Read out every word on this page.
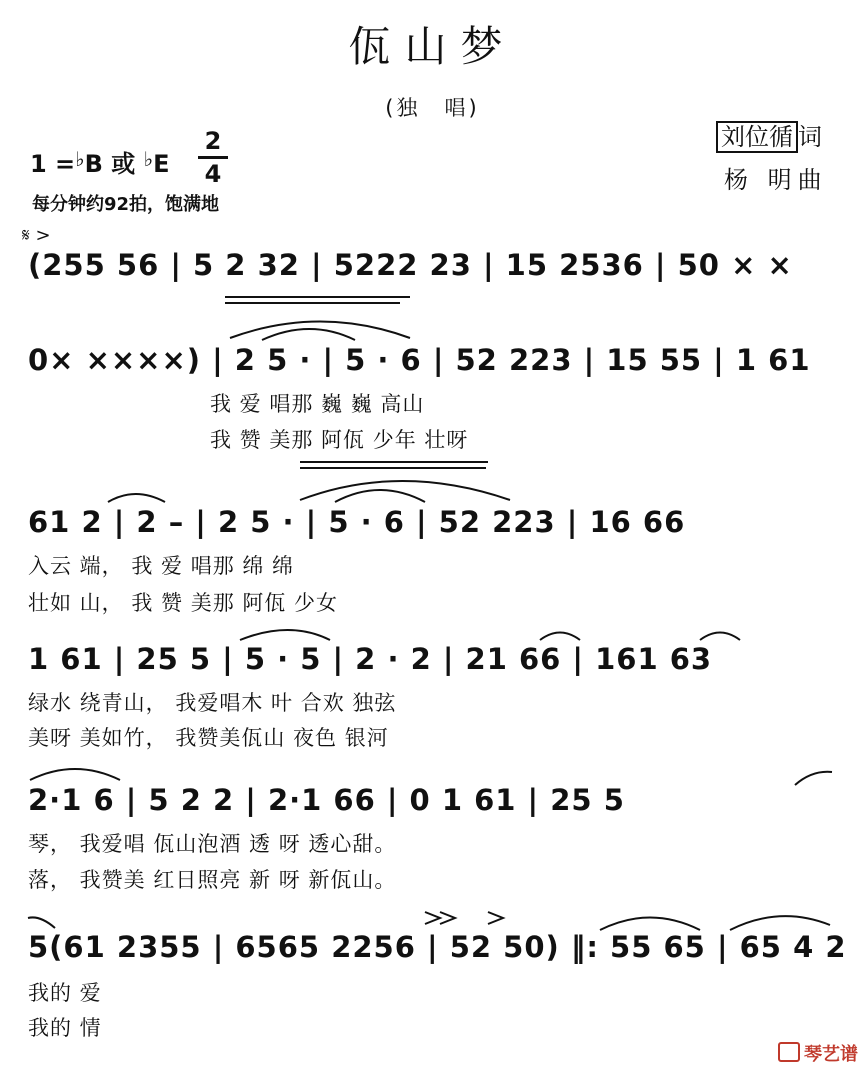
佤山梦
(独　唱)
1 =♭B 或 ♭E
2
4
每分钟约92拍，饱满地
刘位循 词
杨 明曲
𝄋 >
(255 56 | 5 2 32 | 5222 23 | 15 2536 | 50 × ×
0× ××××) | 2 5 · | 5 · 6 | 52 223 | 15 55 | 1 61
我 爱 唱那 巍 巍 高山
我 赞 美那 阿佤 少年 壮呀
61 2 | 2 – | 2 5 · | 5 · 6 | 52 223 | 16 66
入云 端， 我 爱 唱那 绵 绵
壮如 山， 我 赞 美那 阿佤 少女
1 61 | 25 5 | 5 · 5 | 2 · 2 | 21 66 | 161 63
绿水 绕青山， 我爱唱木 叶 合欢 独弦
美呀 美如竹， 我赞美佤山 夜色 银河
2·1 6 | 5 2 2 | 2·1 66 | 0 1 61 | 25 5
琴， 我爱唱 佤山泡酒 透 呀 透心甜。
落， 我赞美 红日照亮 新 呀 新佤山。
5(61 2355 | 6565 2256 | 52 50) ‖: 55 65 | 65 4 2
我的 爱
我的 情
琴艺谱
